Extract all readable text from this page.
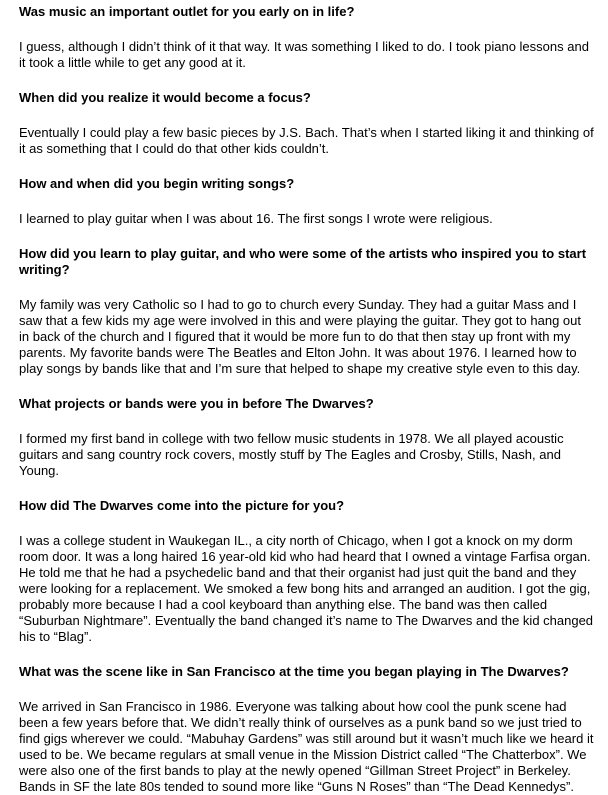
Was music an important outlet for you early on in life?

I guess, although I didn’t think of it that way. It was something I liked to do. I took piano lessons and it took a little while to get any good at it.

When did you realize it would become a focus?

Eventually I could play a few basic pieces by J.S. Bach. That’s when I started liking it and thinking of it as something that I could do that other kids couldn’t.

How and when did you begin writing songs?

I learned to play guitar when I was about 16. The first songs I wrote were religious.

How did you learn to play guitar, and who were some of the artists who inspired you to start writing?

My family was very Catholic so I had to go to church every Sunday. They had a guitar Mass and I saw that a few kids my age were involved in this and were playing the guitar. They got to hang out in back of the church and I figured that it would be more fun to do that then stay up front with my parents. My favorite bands were The Beatles and Elton John. It was about 1976. I learned how to play songs by bands like that and I’m sure that helped to shape my creative style even to this day.

What projects or bands were you in before The Dwarves?

I formed my first band in college with two fellow music students in 1978. We all played acoustic guitars and sang country rock covers, mostly stuff by The Eagles and Crosby, Stills, Nash, and Young.

How did The Dwarves come into the picture for you?

I was a college student in Waukegan IL., a city north of Chicago, when I got a knock on my dorm room door. It was a long haired 16 year-old kid who had heard that I owned a vintage Farfisa organ. He told me that he had a psychedelic band and that their organist had just quit the band and they were looking for a replacement. We smoked a few bong hits and arranged an audition. I got the gig, probably more because I had a cool keyboard than anything else. The band was then called “Suburban Nightmare”. Eventually the band changed it’s name to The Dwarves and the kid changed his to “Blag”.

What was the scene like in San Francisco at the time you began playing in The Dwarves?

We arrived in San Francisco in 1986. Everyone was talking about how cool the punk scene had been a few years before that. We didn’t really think of ourselves as a punk band so we just tried to find gigs wherever we could. “Mabuhay Gardens” was still around but it wasn’t much like we heard it used to be. We became regulars at small venue in the Mission District called “The Chatterbox”. We were also one of the first bands to play at the newly opened “Gillman Street Project” in Berkeley. Bands in SF the late 80s tended to sound more like “Guns N Roses” than “The Dead Kennedys”.
